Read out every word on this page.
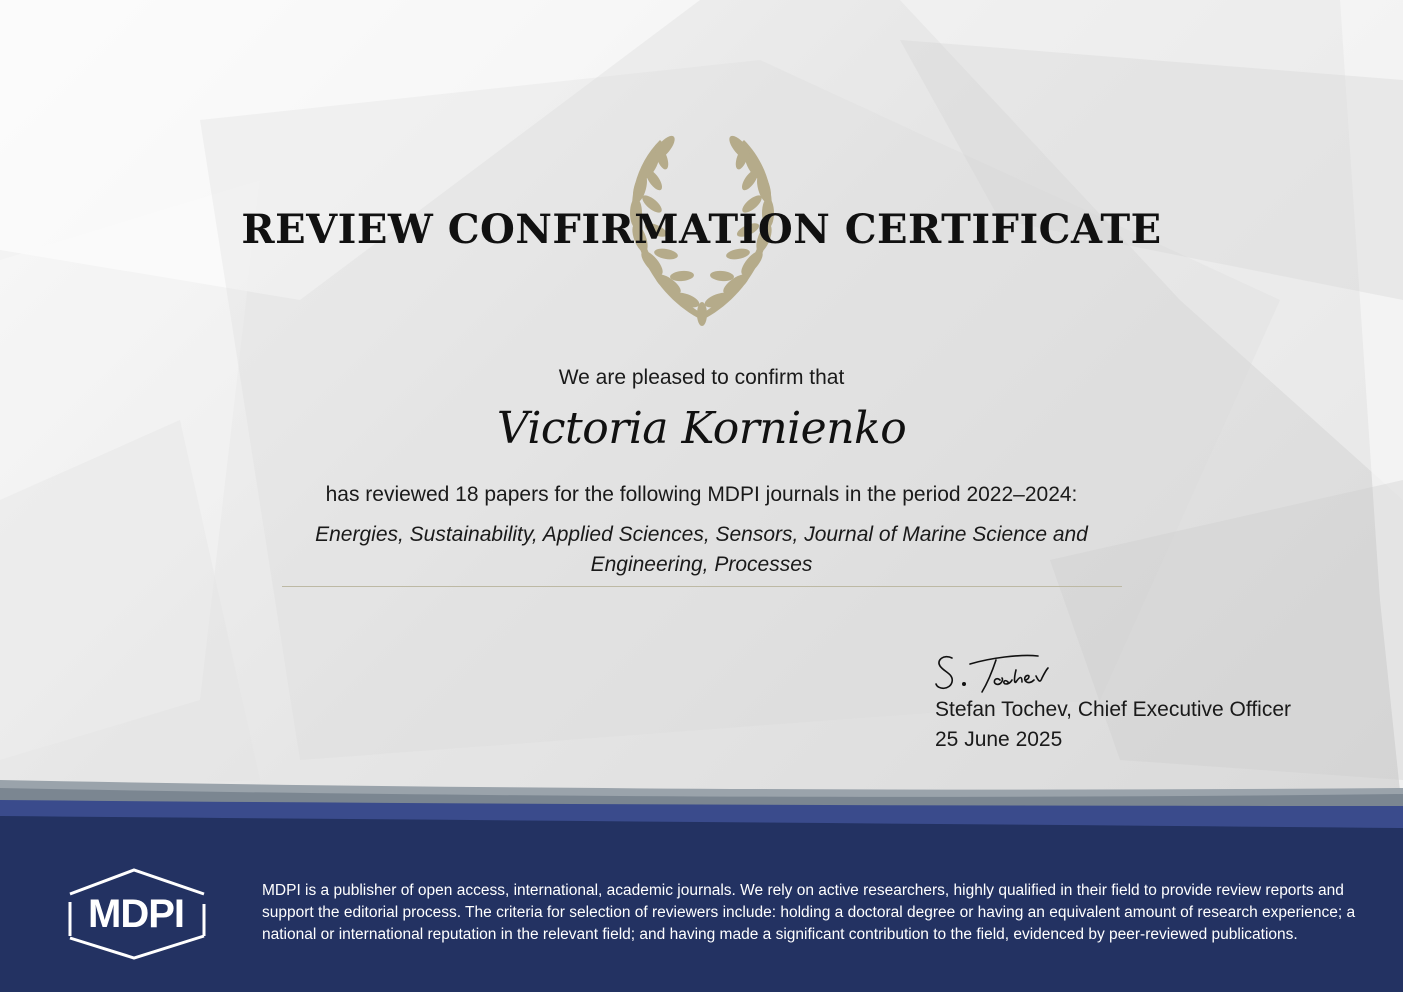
REVIEW CONFIRMATION CERTIFICATE
We are pleased to confirm that
Victoria Kornienko
has reviewed 18 papers for the following MDPI journals in the period 2022–2024:
Energies, Sustainability, Applied Sciences, Sensors, Journal of Marine Science and Engineering, Processes
Stefan Tochev, Chief Executive Officer
25 June 2025
MDPI
MDPI is a publisher of open access, international, academic journals. We rely on active researchers, highly qualified in their field to provide review reports and support the editorial process. The criteria for selection of reviewers include: holding a doctoral degree or having an equivalent amount of research experience; a national or international reputation in the relevant field; and having made a significant contribution to the field, evidenced by peer-reviewed publications.
